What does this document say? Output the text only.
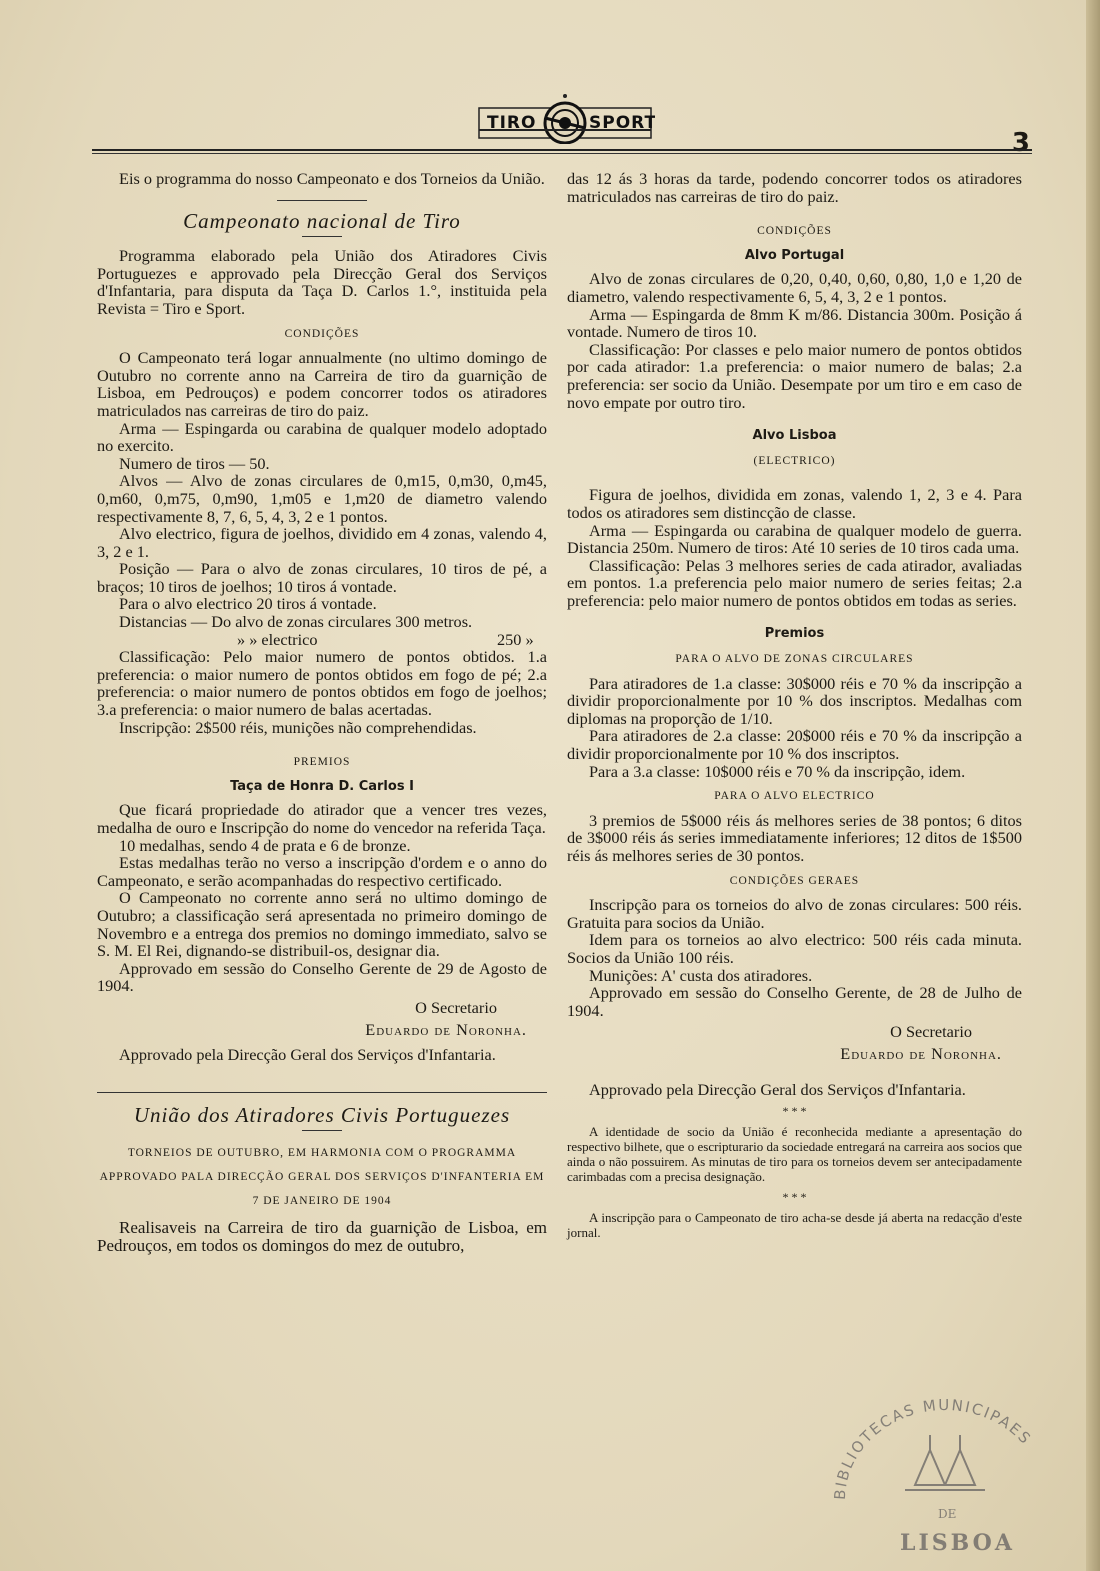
TIRO	SPORT
3

Eis o programma do nosso Campeonato e dos Torneios da União.

Campeonato nacional de Tiro

Programma elaborado pela União dos Atiradores Civis Portuguezes e approvado pela Direcção Geral dos Serviços d'Infantaria, para disputa da Taça D. Carlos 1.°, instituida pela Revista = Tiro e Sport.

CONDIÇÕES

O Campeonato terá logar annualmente (no ultimo domingo de Outubro no corrente anno na Carreira de tiro da guarnição de Lisboa, em Pedrouços) e podem concorrer todos os atiradores matriculados nas carreiras de tiro do paiz.

Arma — Espingarda ou carabina de qualquer modelo adoptado no exercito.

Numero de tiros — 50.

Alvos — Alvo de zonas circulares de 0,m15, 0,m30, 0,m45, 0,m60, 0,m75, 0,m90, 1,m05 e 1,m20 de diametro valendo respectivamente 8, 7, 6, 5, 4, 3, 2 e 1 pontos.

Alvo electrico, figura de joelhos, dividido em 4 zonas, valendo 4, 3, 2 e 1.

Posição — Para o alvo de zonas circulares, 10 tiros de pé, a braços; 10 tiros de joelhos; 10 tiros á vontade.

Para o alvo electrico 20 tiros á vontade.

Distancias — Do alvo de zonas circulares 300 metros.

» » electrico	250 »

Classificação: Pelo maior numero de pontos obtidos. 1.a preferencia: o maior numero de pontos obtidos em fogo de pé; 2.a preferencia: o maior numero de pontos obtidos em fogo de joelhos; 3.a preferencia: o maior numero de balas acertadas.

Inscripção: 2$500 réis, munições não comprehendidas.

PREMIOS
Taça de Honra D. Carlos I

Que ficará propriedade do atirador que a vencer tres vezes, medalha de ouro e Inscripção do nome do vencedor na referida Taça.

10 medalhas, sendo 4 de prata e 6 de bronze.

Estas medalhas terão no verso a inscripção d'ordem e o anno do Campeonato, e serão acompanhadas do respectivo certificado.

O Campeonato no corrente anno será no ultimo domingo de Outubro; a classificação será apresentada no primeiro domingo de Novembro e a entrega dos premios no domingo immediato, salvo se S. M. El Rei, dignando-se distribuil-os, designar dia.

Approvado em sessão do Conselho Gerente de 29 de Agosto de 1904.

O Secretario
Eduardo de Noronha.

Approvado pela Direcção Geral dos Serviços d'Infantaria.

União dos Atiradores Civis Portuguezes
TORNEIOS DE OUTUBRO, EM HARMONIA COM O PROGRAMMA APPROVADO PALA DIRECÇÃO GERAL DOS SERVIÇOS D'INFANTERIA EM 7 DE JANEIRO DE 1904

Realisaveis na Carreira de tiro da guarnição de Lisboa, em Pedrouços, em todos os domingos do mez de outubro,

das 12 ás 3 horas da tarde, podendo concorrer todos os atiradores matriculados nas carreiras de tiro do paiz.

CONDIÇÕES
Alvo Portugal

Alvo de zonas circulares de 0,20, 0,40, 0,60, 0,80, 1,0 e 1,20 de diametro, valendo respectivamente 6, 5, 4, 3, 2 e 1 pontos.

Arma — Espingarda de 8mm K m/86. Distancia 300m. Posição á vontade. Numero de tiros 10.

Classificação: Por classes e pelo maior numero de pontos obtidos por cada atirador: 1.a preferencia: o maior numero de balas; 2.a preferencia: ser socio da União. Desempate por um tiro e em caso de novo empate por outro tiro.

Alvo Lisboa
(ELECTRICO)

Figura de joelhos, dividida em zonas, valendo 1, 2, 3 e 4. Para todos os atiradores sem distincção de classe.

Arma — Espingarda ou carabina de qualquer modelo de guerra. Distancia 250m. Numero de tiros: Até 10 series de 10 tiros cada uma.

Classificação: Pelas 3 melhores series de cada atirador, avaliadas em pontos. 1.a preferencia pelo maior numero de series feitas; 2.a preferencia: pelo maior numero de pontos obtidos em todas as series.

Premios
PARA O ALVO DE ZONAS CIRCULARES

Para atiradores de 1.a classe: 30$000 réis e 70 % da inscripção a dividir proporcionalmente por 10 % dos inscriptos. Medalhas com diplomas na proporção de 1/10.

Para atiradores de 2.a classe: 20$000 réis e 70 % da inscripção a dividir proporcionalmente por 10 % dos inscriptos.

Para a 3.a classe: 10$000 réis e 70 % da inscripção, idem.

PARA O ALVO ELECTRICO

3 premios de 5$000 réis ás melhores series de 38 pontos; 6 ditos de 3$000 réis ás series immediatamente inferiores; 12 ditos de 1$500 réis ás melhores series de 30 pontos.

CONDIÇÕES GERAES

Inscripção para os torneios do alvo de zonas circulares: 500 réis. Gratuita para socios da União.

Idem para os torneios ao alvo electrico: 500 réis cada minuta. Socios da União 100 réis.

Munições: A' custa dos atiradores.

Approvado em sessão do Conselho Gerente, de 28 de Julho de 1904.

O Secretario
Eduardo de Noronha.

Approvado pela Direcção Geral dos Serviços d'Infantaria.

* * *

A identidade de socio da União é reconhecida mediante a apresentação do respectivo bilhete, que o escripturario da sociedade entregará na carreira aos socios que ainda o não possuirem. As minutas de tiro para os torneios devem ser antecipadamente carimbadas com a precisa designação.

* * *

A inscripção para o Campeonato de tiro acha-se desde já aberta na redacção d'este jornal.

BIBLIOTECAS MUNICIPAES
DE
LISBOA
